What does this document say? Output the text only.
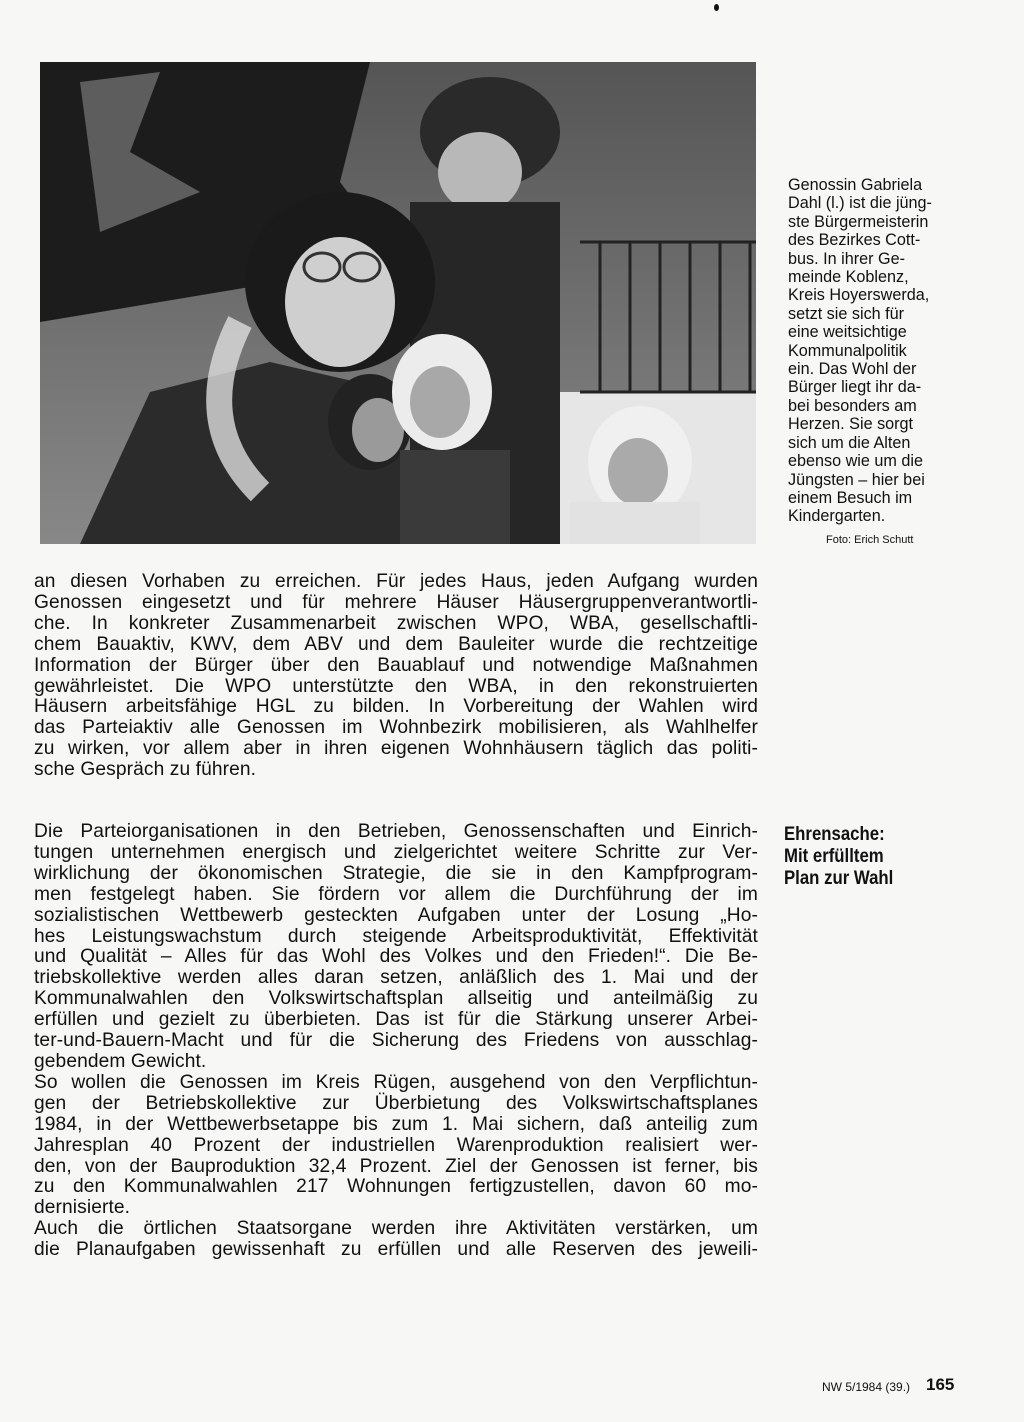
Genossin Gabriela
Dahl (l.) ist die jüng-
ste Bürgermeisterin
des Bezirkes Cott-
bus. In ihrer Ge-
meinde Koblenz,
Kreis Hoyerswerda,
setzt sie sich für
eine weitsichtige
Kommunalpolitik
ein. Das Wohl der
Bürger liegt ihr da-
bei besonders am
Herzen. Sie sorgt
sich um die Alten
ebenso wie um die
Jüngsten – hier bei
einem Besuch im
Kindergarten.
Foto: Erich Schutt
an diesen Vorhaben zu erreichen. Für jedes Haus, jeden Aufgang wurden
Genossen eingesetzt und für mehrere Häuser Häusergruppenverantwortli-
che. In konkreter Zusammenarbeit zwischen WPO, WBA, gesellschaftli-
chem Bauaktiv, KWV, dem ABV und dem Bauleiter wurde die rechtzeitige
Information der Bürger über den Bauablauf und notwendige Maßnahmen
gewährleistet. Die WPO unterstützte den WBA, in den rekonstruierten
Häusern arbeitsfähige HGL zu bilden. In Vorbereitung der Wahlen wird
das Parteiaktiv alle Genossen im Wohnbezirk mobilisieren, als Wahlhelfer
zu wirken, vor allem aber in ihren eigenen Wohnhäusern täglich das politi-
sche Gespräch zu führen.
Ehrensache:
Mit erfülltem
Plan zur Wahl
Die Parteiorganisationen in den Betrieben, Genossenschaften und Einrich-
tungen unternehmen energisch und zielgerichtet weitere Schritte zur Ver-
wirklichung der ökonomischen Strategie, die sie in den Kampfprogram-
men festgelegt haben. Sie fördern vor allem die Durchführung der im
sozialistischen Wettbewerb gesteckten Aufgaben unter der Losung „Ho-
hes Leistungswachstum durch steigende Arbeitsproduktivität, Effektivität
und Qualität – Alles für das Wohl des Volkes und den Frieden!“. Die Be-
triebskollektive werden alles daran setzen, anläßlich des 1. Mai und der
Kommunalwahlen den Volkswirtschaftsplan allseitig und anteilmäßig zu
erfüllen und gezielt zu überbieten. Das ist für die Stärkung unserer Arbei-
ter-und-Bauern-Macht und für die Sicherung des Friedens von ausschlag-
gebendem Gewicht.
So wollen die Genossen im Kreis Rügen, ausgehend von den Verpflichtun-
gen der Betriebskollektive zur Überbietung des Volkswirtschaftsplanes
1984, in der Wettbewerbsetappe bis zum 1. Mai sichern, daß anteilig zum
Jahresplan 40 Prozent der industriellen Warenproduktion realisiert wer-
den, von der Bauproduktion 32,4 Prozent. Ziel der Genossen ist ferner, bis
zu den Kommunalwahlen 217 Wohnungen fertigzustellen, davon 60 mo-
dernisierte.
Auch die örtlichen Staatsorgane werden ihre Aktivitäten verstärken, um
die Planaufgaben gewissenhaft zu erfüllen und alle Reserven des jeweili-
NW 5/1984 (39.) 165
